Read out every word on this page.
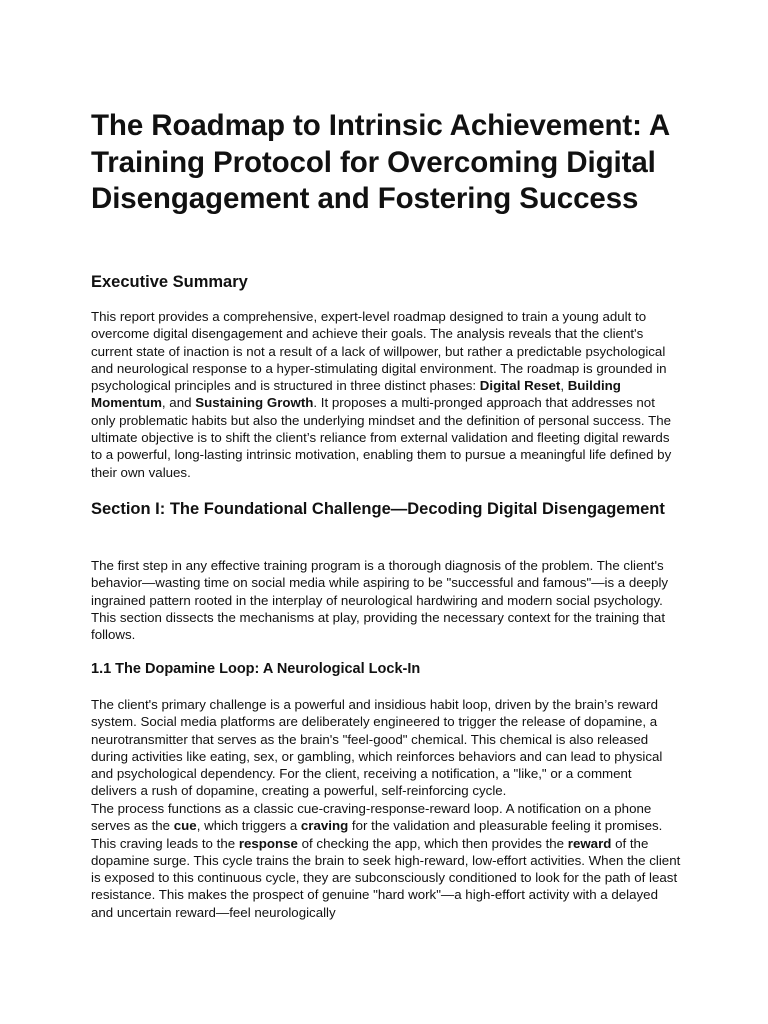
The Roadmap to Intrinsic Achievement: A Training Protocol for Overcoming Digital Disengagement and Fostering Success
Executive Summary

This report provides a comprehensive, expert-level roadmap designed to train a young adult to overcome digital disengagement and achieve their goals. The analysis reveals that the client's current state of inaction is not a result of a lack of willpower, but rather a predictable psychological and neurological response to a hyper-stimulating digital environment. The roadmap is grounded in psychological principles and is structured in three distinct phases: Digital Reset, Building Momentum, and Sustaining Growth. It proposes a multi-pronged approach that addresses not only problematic habits but also the underlying mindset and the definition of personal success. The ultimate objective is to shift the client’s reliance from external validation and fleeting digital rewards to a powerful, long-lasting intrinsic motivation, enabling them to pursue a meaningful life defined by their own values.

Section I: The Foundational Challenge—Decoding Digital Disengagement

The first step in any effective training program is a thorough diagnosis of the problem. The client's behavior—wasting time on social media while aspiring to be "successful and famous"—is a deeply ingrained pattern rooted in the interplay of neurological hardwiring and modern social psychology. This section dissects the mechanisms at play, providing the necessary context for the training that follows.

1.1 The Dopamine Loop: A Neurological Lock-In

The client's primary challenge is a powerful and insidious habit loop, driven by the brain’s reward system. Social media platforms are deliberately engineered to trigger the release of dopamine, a neurotransmitter that serves as the brain's "feel-good" chemical. This chemical is also released during activities like eating, sex, or gambling, which reinforces behaviors and can lead to physical and psychological dependency. For the client, receiving a notification, a "like," or a comment delivers a rush of dopamine, creating a powerful, self-reinforcing cycle.

The process functions as a classic cue-craving-response-reward loop. A notification on a phone serves as the cue, which triggers a craving for the validation and pleasurable feeling it promises. This craving leads to the response of checking the app, which then provides the reward of the dopamine surge. This cycle trains the brain to seek high-reward, low-effort activities. When the client is exposed to this continuous cycle, they are subconsciously conditioned to look for the path of least resistance. This makes the prospect of genuine "hard work"—a high-effort activity with a delayed and uncertain reward—feel neurologically
